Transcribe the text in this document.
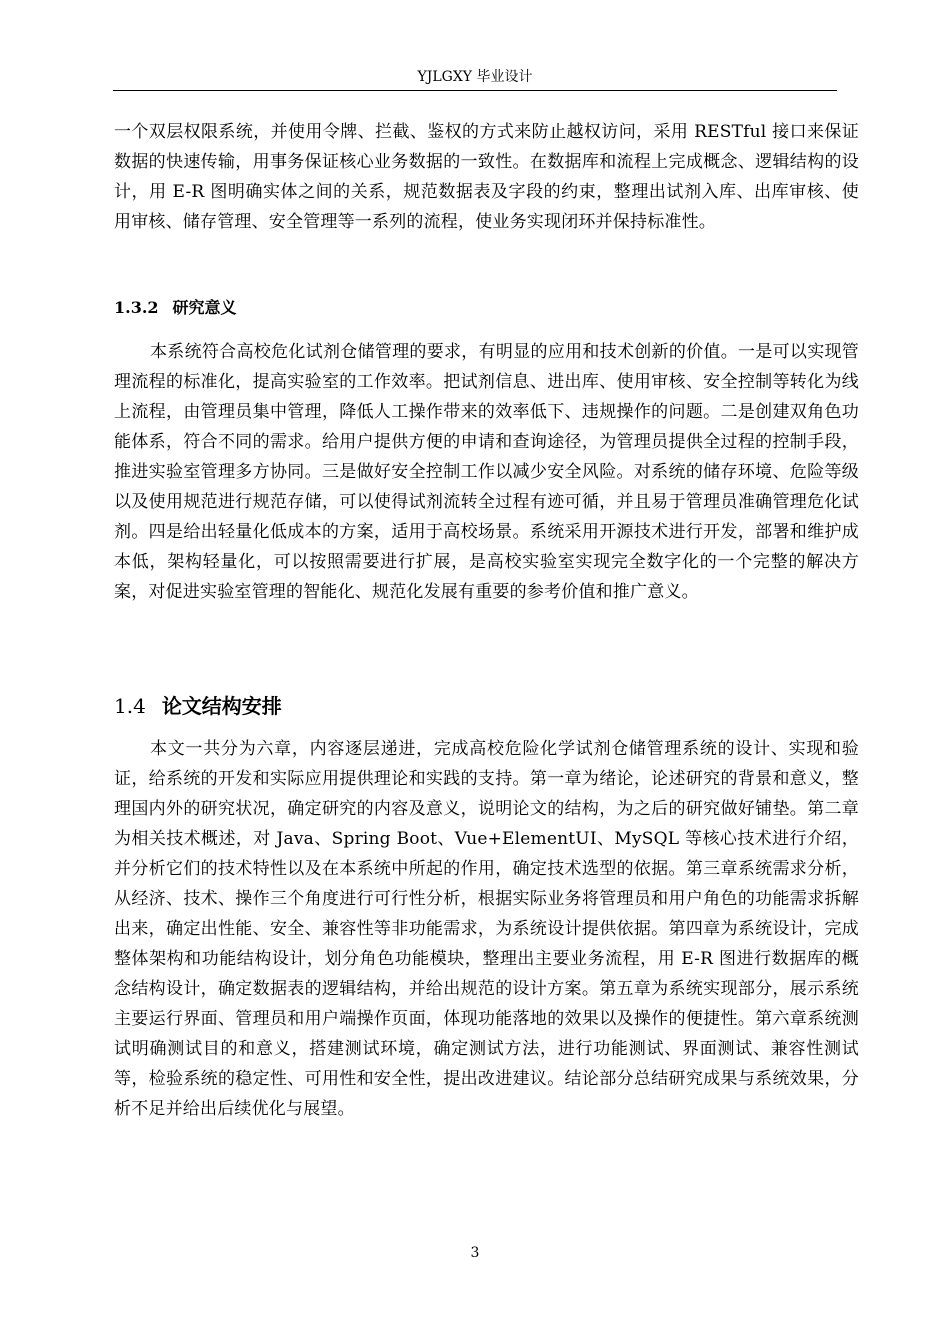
YJLGXY 毕业设计

一个双层权限系统，并使用令牌、拦截、鉴权的方式来防止越权访问，采用 RESTful 接口来保证数据的快速传输，用事务保证核心业务数据的一致性。在数据库和流程上完成概念、逻辑结构的设计，用 E-R 图明确实体之间的关系，规范数据表及字段的约束，整理出试剂入库、出库审核、使用审核、储存管理、安全管理等一系列的流程，使业务实现闭环并保持标准性。

1.3.2 研究意义

本系统符合高校危化试剂仓储管理的要求，有明显的应用和技术创新的价值。一是可以实现管理流程的标准化，提高实验室的工作效率。把试剂信息、进出库、使用审核、安全控制等转化为线上流程，由管理员集中管理，降低人工操作带来的效率低下、违规操作的问题。二是创建双角色功能体系，符合不同的需求。给用户提供方便的申请和查询途径，为管理员提供全过程的控制手段，推进实验室管理多方协同。三是做好安全控制工作以减少安全风险。对系统的储存环境、危险等级以及使用规范进行规范存储，可以使得试剂流转全过程有迹可循，并且易于管理员准确管理危化试剂。四是给出轻量化低成本的方案，适用于高校场景。系统采用开源技术进行开发，部署和维护成本低，架构轻量化，可以按照需要进行扩展，是高校实验室实现完全数字化的一个完整的解决方案，对促进实验室管理的智能化、规范化发展有重要的参考价值和推广意义。

1.4 论文结构安排

本文一共分为六章，内容逐层递进，完成高校危险化学试剂仓储管理系统的设计、实现和验证，给系统的开发和实际应用提供理论和实践的支持。第一章为绪论，论述研究的背景和意义，整理国内外的研究状况，确定研究的内容及意义，说明论文的结构，为之后的研究做好铺垫。第二章为相关技术概述，对 Java、Spring Boot、Vue+ElementUI、MySQL 等核心技术进行介绍，并分析它们的技术特性以及在本系统中所起的作用，确定技术选型的依据。第三章系统需求分析，从经济、技术、操作三个角度进行可行性分析，根据实际业务将管理员和用户角色的功能需求拆解出来，确定出性能、安全、兼容性等非功能需求，为系统设计提供依据。第四章为系统设计，完成整体架构和功能结构设计，划分角色功能模块，整理出主要业务流程，用 E-R 图进行数据库的概念结构设计，确定数据表的逻辑结构，并给出规范的设计方案。第五章为系统实现部分，展示系统主要运行界面、管理员和用户端操作页面，体现功能落地的效果以及操作的便捷性。第六章系统测试明确测试目的和意义，搭建测试环境，确定测试方法，进行功能测试、界面测试、兼容性测试等，检验系统的稳定性、可用性和安全性，提出改进建议。结论部分总结研究成果与系统效果，分析不足并给出后续优化与展望。

3
